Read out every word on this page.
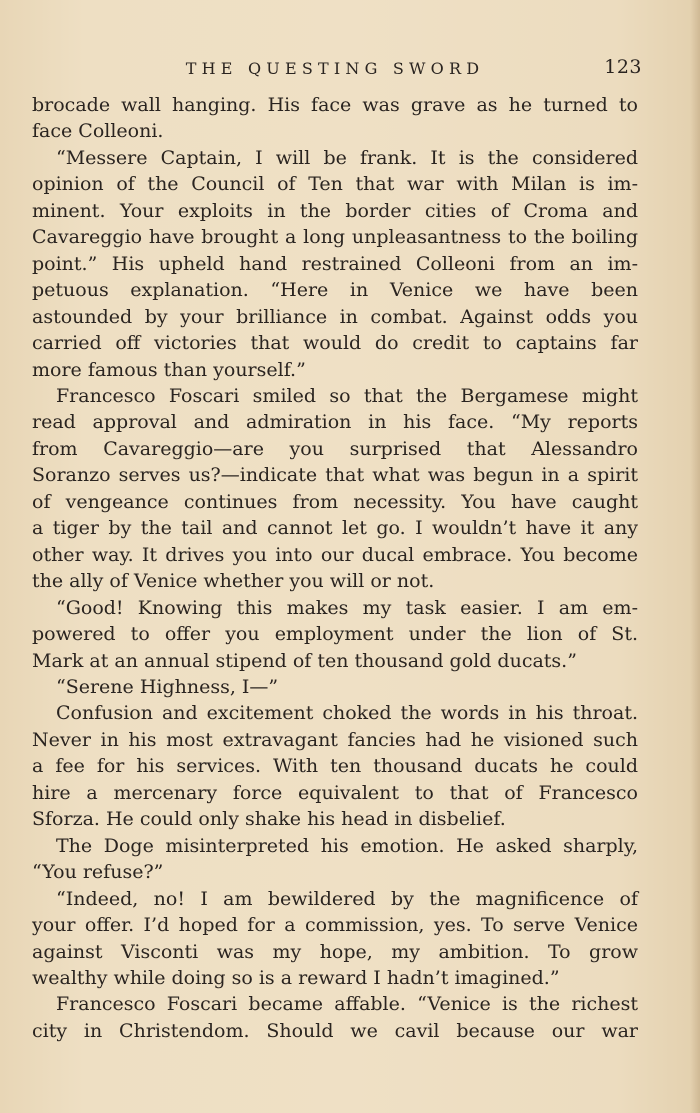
THE QUESTING SWORD	123
brocade wall hanging. His face was grave as he turned to
face Colleoni.
“Messere Captain, I will be frank. It is the considered
opinion of the Council of Ten that war with Milan is im-
minent. Your exploits in the border cities of Croma and
Cavareggio have brought a long unpleasantness to the boiling
point.” His upheld hand restrained Colleoni from an im-
petuous explanation. “Here in Venice we have been
astounded by your brilliance in combat. Against odds you
carried off victories that would do credit to captains far
more famous than yourself.”
Francesco Foscari smiled so that the Bergamese might
read approval and admiration in his face. “My reports
from Cavareggio—are you surprised that Alessandro
Soranzo serves us?—indicate that what was begun in a spirit
of vengeance continues from necessity. You have caught
a tiger by the tail and cannot let go. I wouldn’t have it any
other way. It drives you into our ducal embrace. You become
the ally of Venice whether you will or not.
“Good! Knowing this makes my task easier. I am em-
powered to offer you employment under the lion of St.
Mark at an annual stipend of ten thousand gold ducats.”
“Serene Highness, I—”
Confusion and excitement choked the words in his throat.
Never in his most extravagant fancies had he visioned such
a fee for his services. With ten thousand ducats he could
hire a mercenary force equivalent to that of Francesco
Sforza. He could only shake his head in disbelief.
The Doge misinterpreted his emotion. He asked sharply,
“You refuse?”
“Indeed, no! I am bewildered by the magnificence of
your offer. I’d hoped for a commission, yes. To serve Venice
against Visconti was my hope, my ambition. To grow
wealthy while doing so is a reward I hadn’t imagined.”
Francesco Foscari became affable. “Venice is the richest
city in Christendom. Should we cavil because our war
